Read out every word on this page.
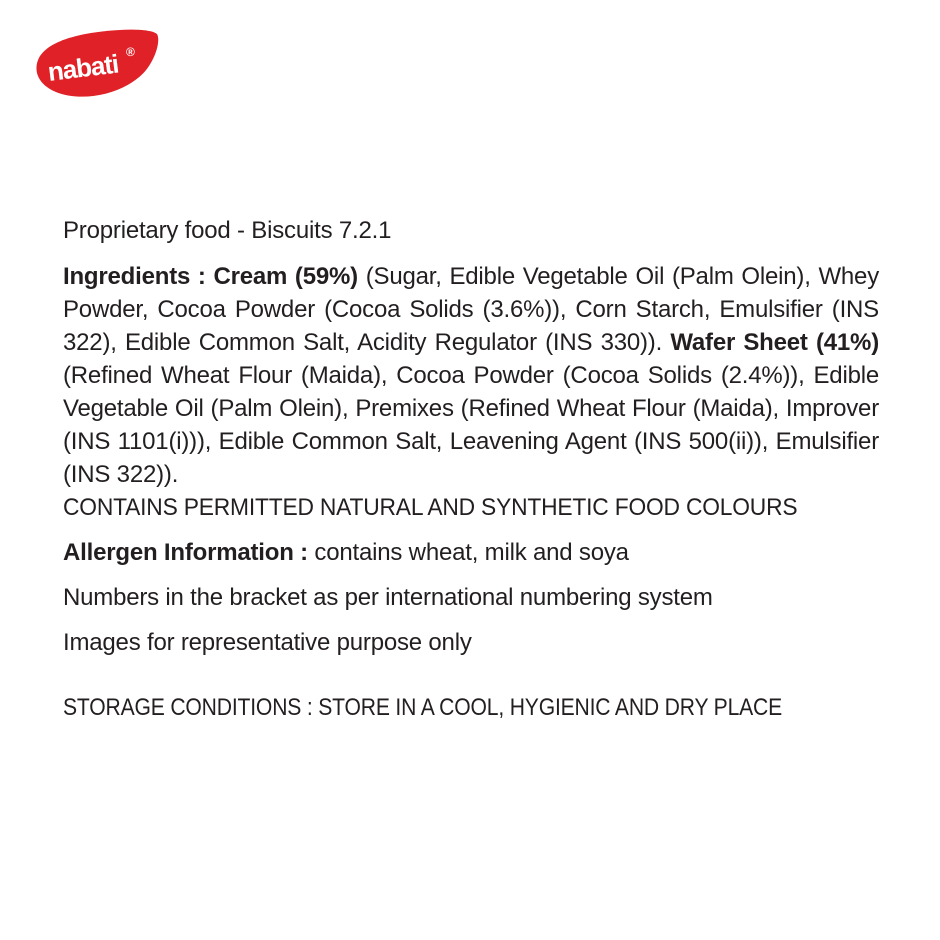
nabati ®

Proprietary food - Biscuits 7.2.1

Ingredients : Cream (59%) (Sugar, Edible Vegetable Oil (Palm Olein), Whey Powder, Cocoa Powder (Cocoa Solids (3.6%)), Corn Starch, Emulsifier (INS 322), Edible Common Salt, Acidity Regulator (INS 330)). Wafer Sheet (41%) (Refined Wheat Flour (Maida), Cocoa Powder (Cocoa Solids (2.4%)), Edible Vegetable Oil (Palm Olein), Premixes (Refined Wheat Flour (Maida), Improver (INS 1101(i))), Edible Common Salt, Leavening Agent (INS 500(ii)), Emulsifier (INS 322)).

CONTAINS PERMITTED NATURAL AND SYNTHETIC FOOD COLOURS

Allergen Information : contains wheat, milk and soya

Numbers in the bracket as per international numbering system

Images for representative purpose only

STORAGE CONDITIONS : STORE IN A COOL, HYGIENIC AND DRY PLACE
